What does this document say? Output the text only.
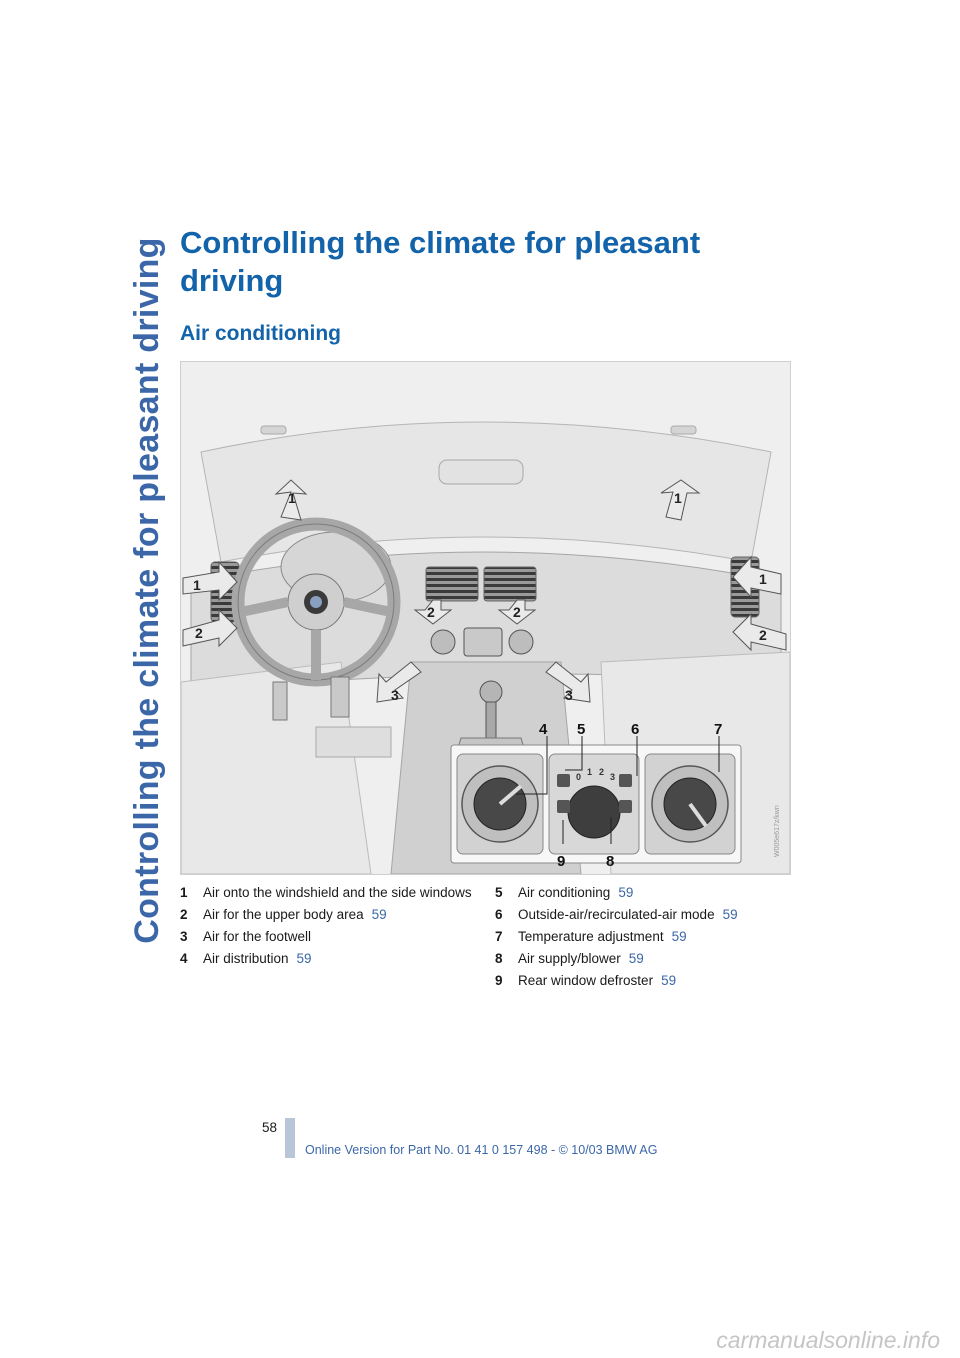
Controlling the climate for pleasant driving Controlling the climate for pleasant driving
Air conditioning
1	1
1
2
1
2
2	2
3	3
0 1 2 3
4 5	6	7
8
9
W005e617z/kwn
1	Air onto the windshield and the side windows
2	Air for the upper body area 59
3	Air for the footwell
4	Air distribution 59
5	Air conditioning 59
6	Outside-air/recirculated-air mode 59
7	Temperature adjustment 59
8	Air supply/blower 59
9	Rear window defroster 59
58
Online Version for Part No. 01 41 0 157 498 - © 10/03 BMW AG
carmanualsonline.info
